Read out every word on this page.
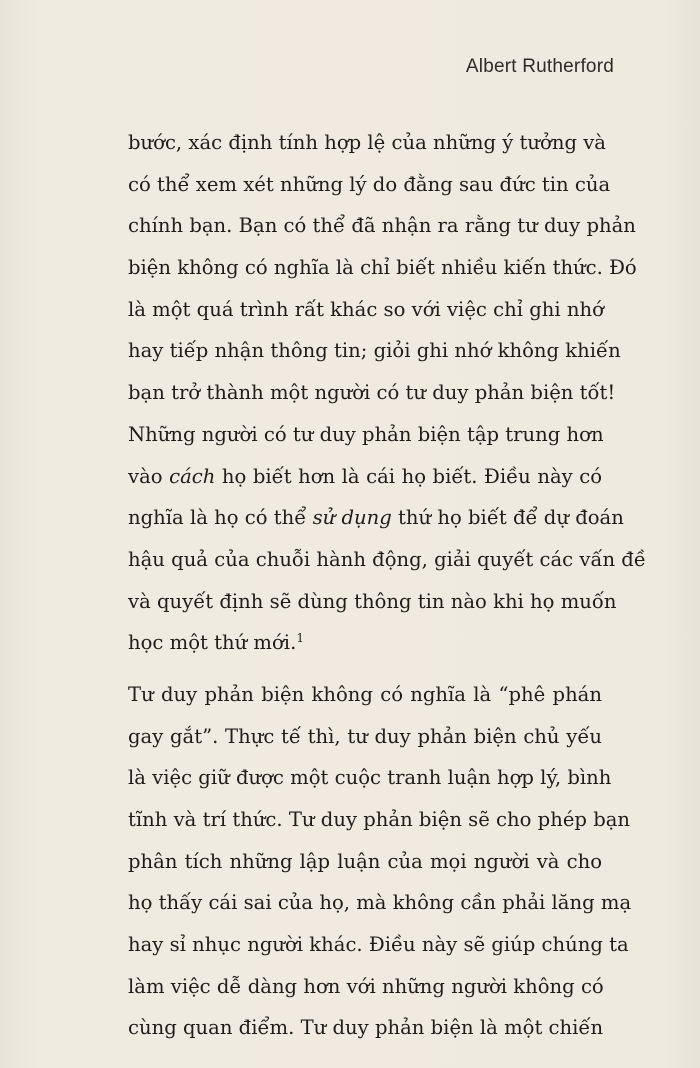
Albert Rutherford
bước, xác định tính hợp lệ của những ý tưởng và
có thể xem xét những lý do đằng sau đức tin của
chính bạn. Bạn có thể đã nhận ra rằng tư duy phản
biện không có nghĩa là chỉ biết nhiều kiến thức. Đó
là một quá trình rất khác so với việc chỉ ghi nhớ
hay tiếp nhận thông tin; giỏi ghi nhớ không khiến
bạn trở thành một người có tư duy phản biện tốt!
Những người có tư duy phản biện tập trung hơn
vào cách họ biết hơn là cái họ biết. Điều này có
nghĩa là họ có thể sử dụng thứ họ biết để dự đoán
hậu quả của chuỗi hành động, giải quyết các vấn đề
và quyết định sẽ dùng thông tin nào khi họ muốn
học một thứ mới.$^1$
Tư duy phản biện không có nghĩa là “phê phán
gay gắt”. Thực tế thì, tư duy phản biện chủ yếu
là việc giữ được một cuộc tranh luận hợp lý, bình
tĩnh và trí thức. Tư duy phản biện sẽ cho phép bạn
phân tích những lập luận của mọi người và cho
họ thấy cái sai của họ, mà không cần phải lăng mạ
hay sỉ nhục người khác. Điều này sẽ giúp chúng ta
làm việc dễ dàng hơn với những người không có
cùng quan điểm. Tư duy phản biện là một chiến
